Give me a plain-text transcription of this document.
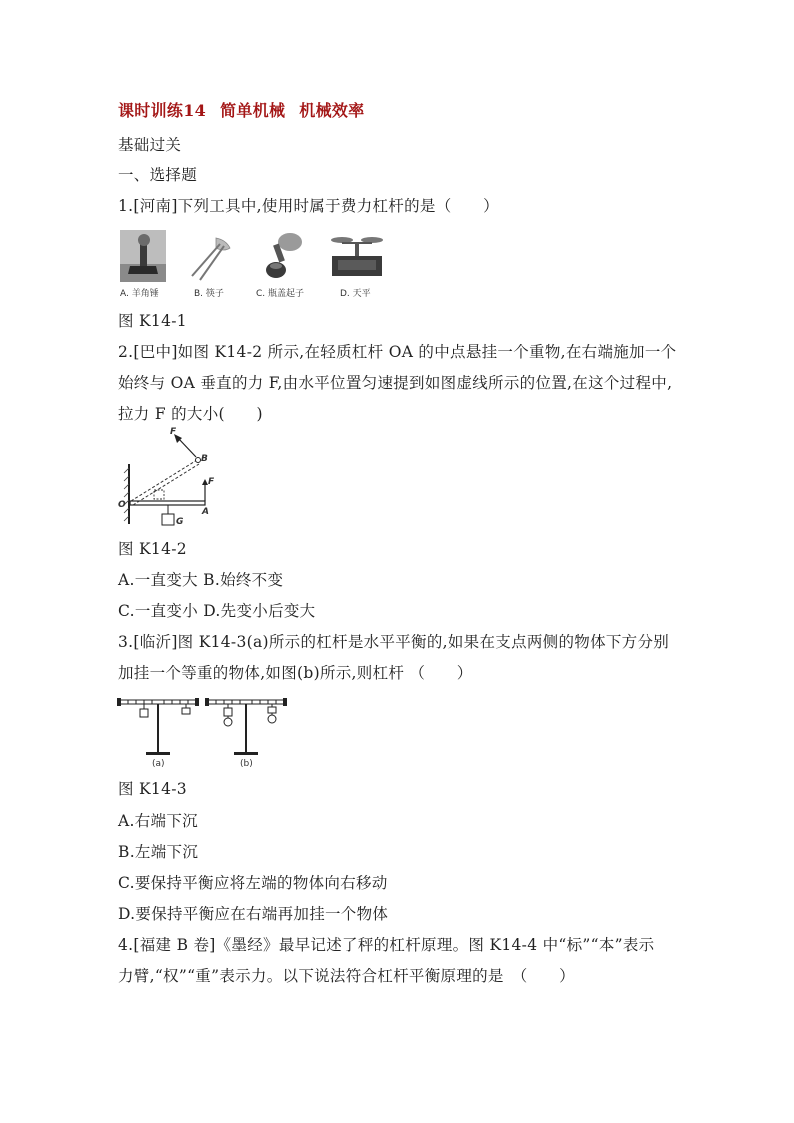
课时训练14 简单机械 机械效率
基础过关
一、选择题
1.[河南]下列工具中,使用时属于费力杠杆的是（　　）
A. 羊角锤	B. 筷子	C. 瓶盖起子	D. 天平
图 K14-1
2.[巴中]如图 K14-2 所示,在轻质杠杆 OA 的中点悬挂一个重物,在右端施加一个
始终与 OA 垂直的力 F,由水平位置匀速提到如图虚线所示的位置,在这个过程中,
拉力 F 的大小(　　)
F
B
F
O
A
G
图 K14-2
A.一直变大 B.始终不变
C.一直变小 D.先变小后变大
3.[临沂]图 K14-3(a)所示的杠杆是水平平衡的,如果在支点两侧的物体下方分别
加挂一个等重的物体,如图(b)所示,则杠杆 （　　）
(a)	(b)
图 K14-3
A.右端下沉
B.左端下沉
C.要保持平衡应将左端的物体向右移动
D.要保持平衡应在右端再加挂一个物体
4.[福建 B 卷]《墨经》最早记述了秤的杠杆原理。图 K14-4 中“标”“本”表示
力臂,“权”“重”表示力。以下说法符合杠杆平衡原理的是　（　　）
